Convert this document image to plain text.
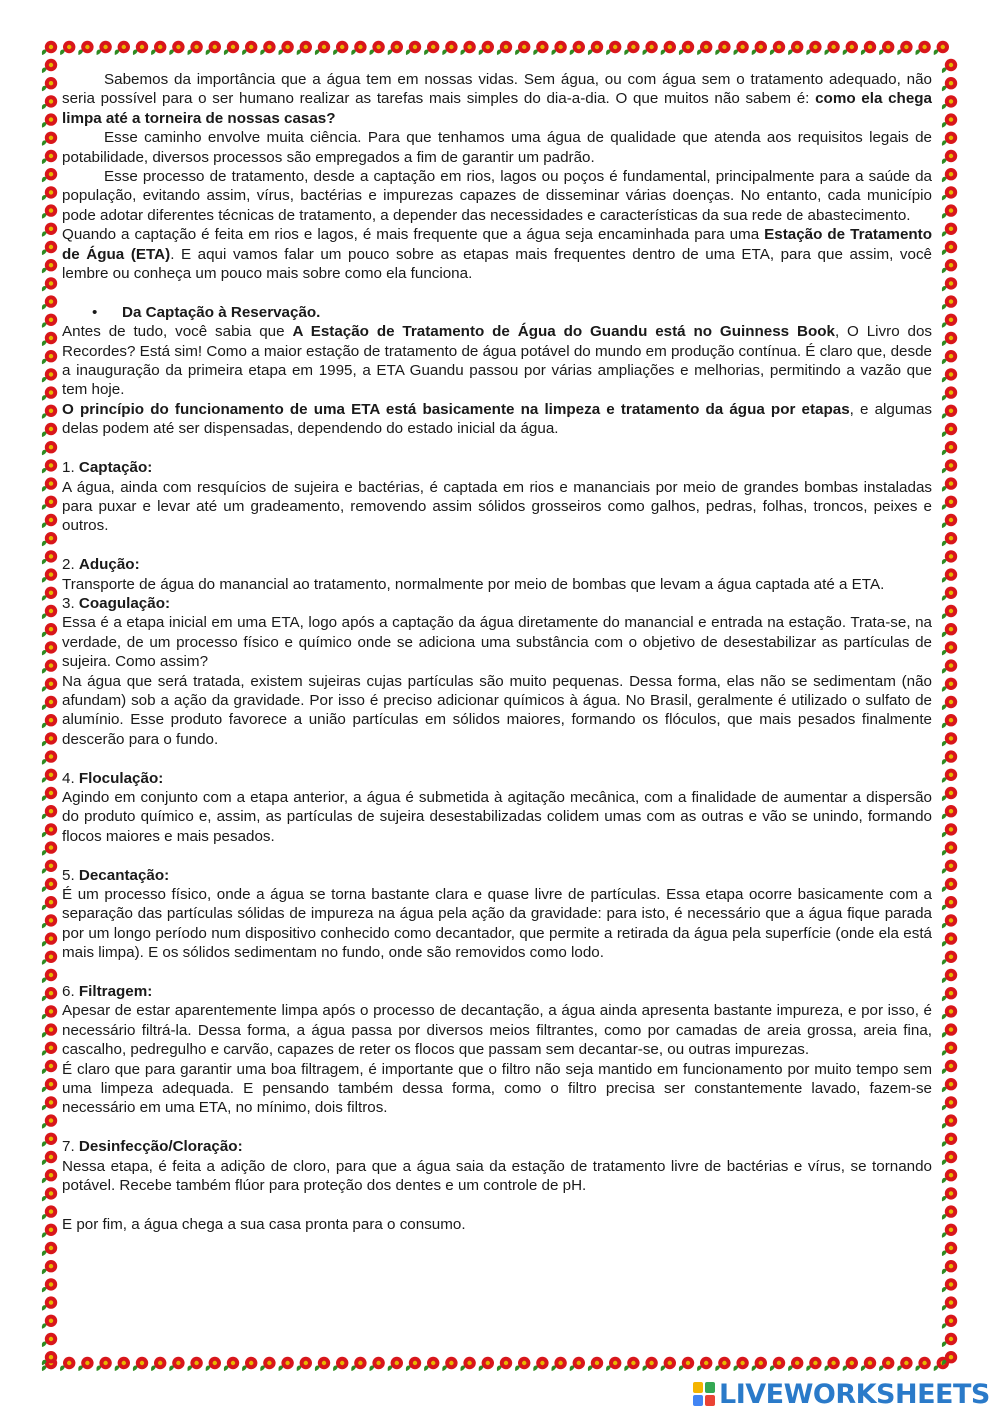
Sabemos da importância que a água tem em nossas vidas. Sem água, ou com água sem o tratamento adequado, não seria possível para o ser humano realizar as tarefas mais simples do dia-a-dia. O que muitos não sabem é: como ela chega limpa até a torneira de nossas casas?

Esse caminho envolve muita ciência. Para que tenhamos uma água de qualidade que atenda aos requisitos legais de potabilidade, diversos processos são empregados a fim de garantir um padrão.

Esse processo de tratamento, desde a captação em rios, lagos ou poços é fundamental, principalmente para a saúde da população, evitando assim, vírus, bactérias e impurezas capazes de disseminar várias doenças. No entanto, cada município pode adotar diferentes técnicas de tratamento, a depender das necessidades e características da sua rede de abastecimento.

Quando a captação é feita em rios e lagos, é mais frequente que a água seja encaminhada para uma Estação de Tratamento de Água (ETA). E aqui vamos falar um pouco sobre as etapas mais frequentes dentro de uma ETA, para que assim, você lembre ou conheça um pouco mais sobre como ela funciona.

• Da Captação à Reservação.

Antes de tudo, você sabia que A Estação de Tratamento de Água do Guandu está no Guinness Book, O Livro dos Recordes? Está sim! Como a maior estação de tratamento de água potável do mundo em produção contínua. É claro que, desde a inauguração da primeira etapa em 1995, a ETA Guandu passou por várias ampliações e melhorias, permitindo a vazão que tem hoje.

O princípio do funcionamento de uma ETA está basicamente na limpeza e tratamento da água por etapas, e algumas delas podem até ser dispensadas, dependendo do estado inicial da água.

1. Captação:

A água, ainda com resquícios de sujeira e bactérias, é captada em rios e mananciais por meio de grandes bombas instaladas para puxar e levar até um gradeamento, removendo assim sólidos grosseiros como galhos, pedras, folhas, troncos, peixes e outros.

2. Adução:

Transporte de água do manancial ao tratamento, normalmente por meio de bombas que levam a água captada até a ETA.

3. Coagulação:

Essa é a etapa inicial em uma ETA, logo após a captação da água diretamente do manancial e entrada na estação. Trata-se, na verdade, de um processo físico e químico onde se adiciona uma substância com o objetivo de desestabilizar as partículas de sujeira. Como assim?

Na água que será tratada, existem sujeiras cujas partículas são muito pequenas. Dessa forma, elas não se sedimentam (não afundam) sob a ação da gravidade. Por isso é preciso adicionar químicos à água. No Brasil, geralmente é utilizado o sulfato de alumínio. Esse produto favorece a união partículas em sólidos maiores, formando os flóculos, que mais pesados finalmente descerão para o fundo.

4. Floculação:

Agindo em conjunto com a etapa anterior, a água é submetida à agitação mecânica, com a finalidade de aumentar a dispersão do produto químico e, assim, as partículas de sujeira desestabilizadas colidem umas com as outras e vão se unindo, formando flocos maiores e mais pesados.

5. Decantação:

É um processo físico, onde a água se torna bastante clara e quase livre de partículas. Essa etapa ocorre basicamente com a separação das partículas sólidas de impureza na água pela ação da gravidade: para isto, é necessário que a água fique parada por um longo período num dispositivo conhecido como decantador, que permite a retirada da água pela superfície (onde ela está mais limpa). E os sólidos sedimentam no fundo, onde são removidos como lodo.

6. Filtragem:

Apesar de estar aparentemente limpa após o processo de decantação, a água ainda apresenta bastante impureza, e por isso, é necessário filtrá-la. Dessa forma, a água passa por diversos meios filtrantes, como por camadas de areia grossa, areia fina, cascalho, pedregulho e carvão, capazes de reter os flocos que passam sem decantar-se, ou outras impurezas.

É claro que para garantir uma boa filtragem, é importante que o filtro não seja mantido em funcionamento por muito tempo sem uma limpeza adequada. E pensando também dessa forma, como o filtro precisa ser constantemente lavado, fazem-se necessário em uma ETA, no mínimo, dois filtros.

7. Desinfecção/Cloração:

Nessa etapa, é feita a adição de cloro, para que a água saia da estação de tratamento livre de bactérias e vírus, se tornando potável. Recebe também flúor para proteção dos dentes e um controle de pH.

E por fim, a água chega a sua casa pronta para o consumo.

LIVEWORKSHEETS
